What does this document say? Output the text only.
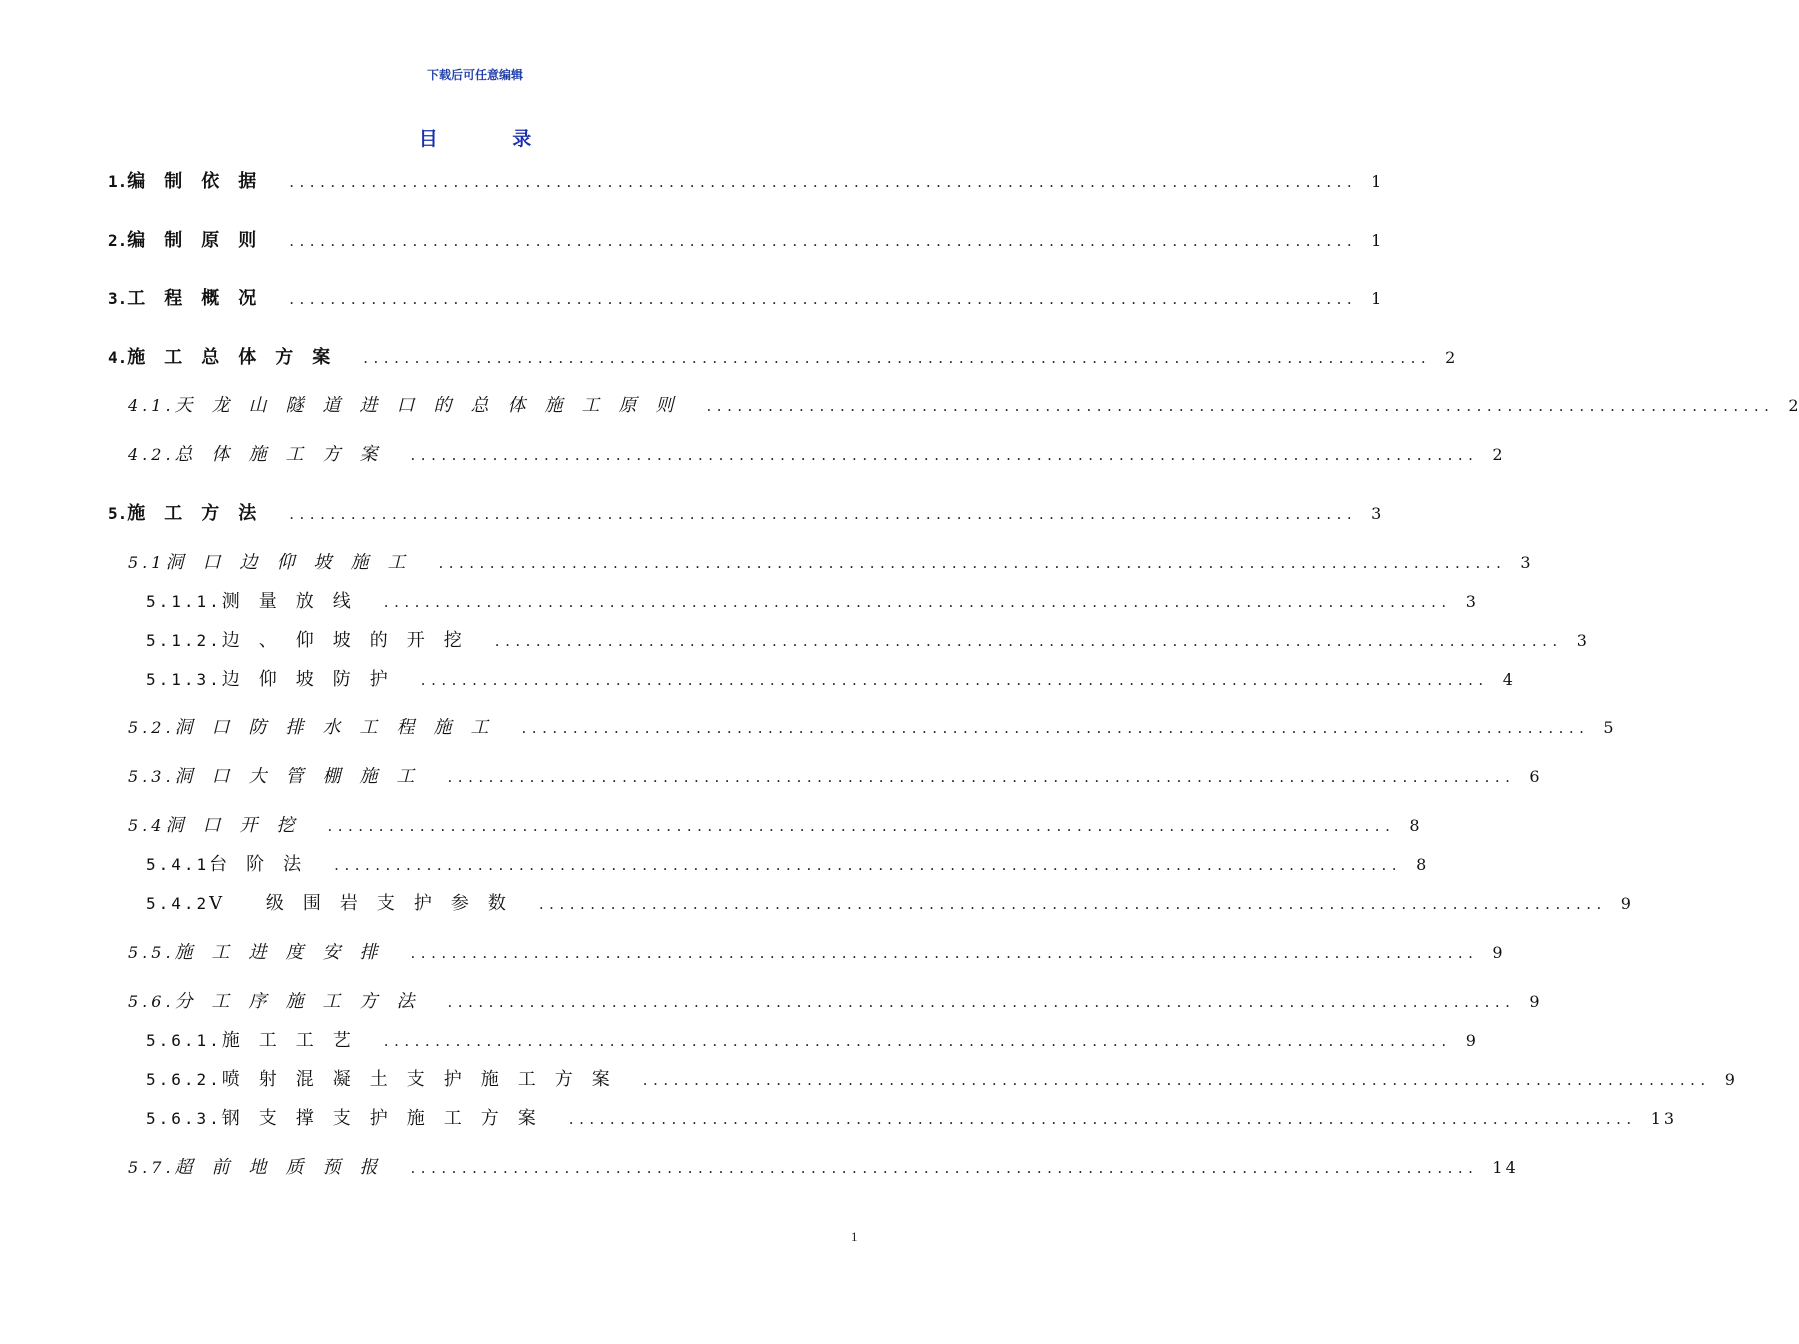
下载后可任意编辑
目 录
1. 编制依据 ........................................................................................................ 1
2. 编制原则 ........................................................................................................ 1
3. 工程概况 ........................................................................................................ 1
4. 施工总体方案 ........................................................................................................ 2
4.1. 天龙山隧道进口的总体施工原则 ........................................................................................................ 2
4.2. 总体施工方案 ........................................................................................................ 2
5. 施工方法 ........................................................................................................ 3
5.1 洞口边仰坡施工 ........................................................................................................ 3
5.1.1. 测量放线 ........................................................................................................ 3
5.1.2. 边、仰坡的开挖 ........................................................................................................ 3
5.1.3. 边仰坡防护 ........................................................................................................ 4
5.2. 洞口防排水工程施工 ........................................................................................................ 5
5.3. 洞口大管棚施工 ........................................................................................................ 6
5.4 洞口开挖 ........................................................................................................ 8
5.4.1 台阶法 ........................................................................................................ 8
5.4.2 Ⅴ 级围岩支护参数 ........................................................................................................ 9
5.5. 施工进度安排 ........................................................................................................ 9
5.6. 分工序施工方法 ........................................................................................................ 9
5.6.1. 施工工艺 ........................................................................................................ 9
5.6.2. 喷射混凝土支护施工方案 ........................................................................................................ 9
5.6.3. 钢支撑支护施工方案 ........................................................................................................ 13
5.7. 超前地质预报 ........................................................................................................ 14
1
